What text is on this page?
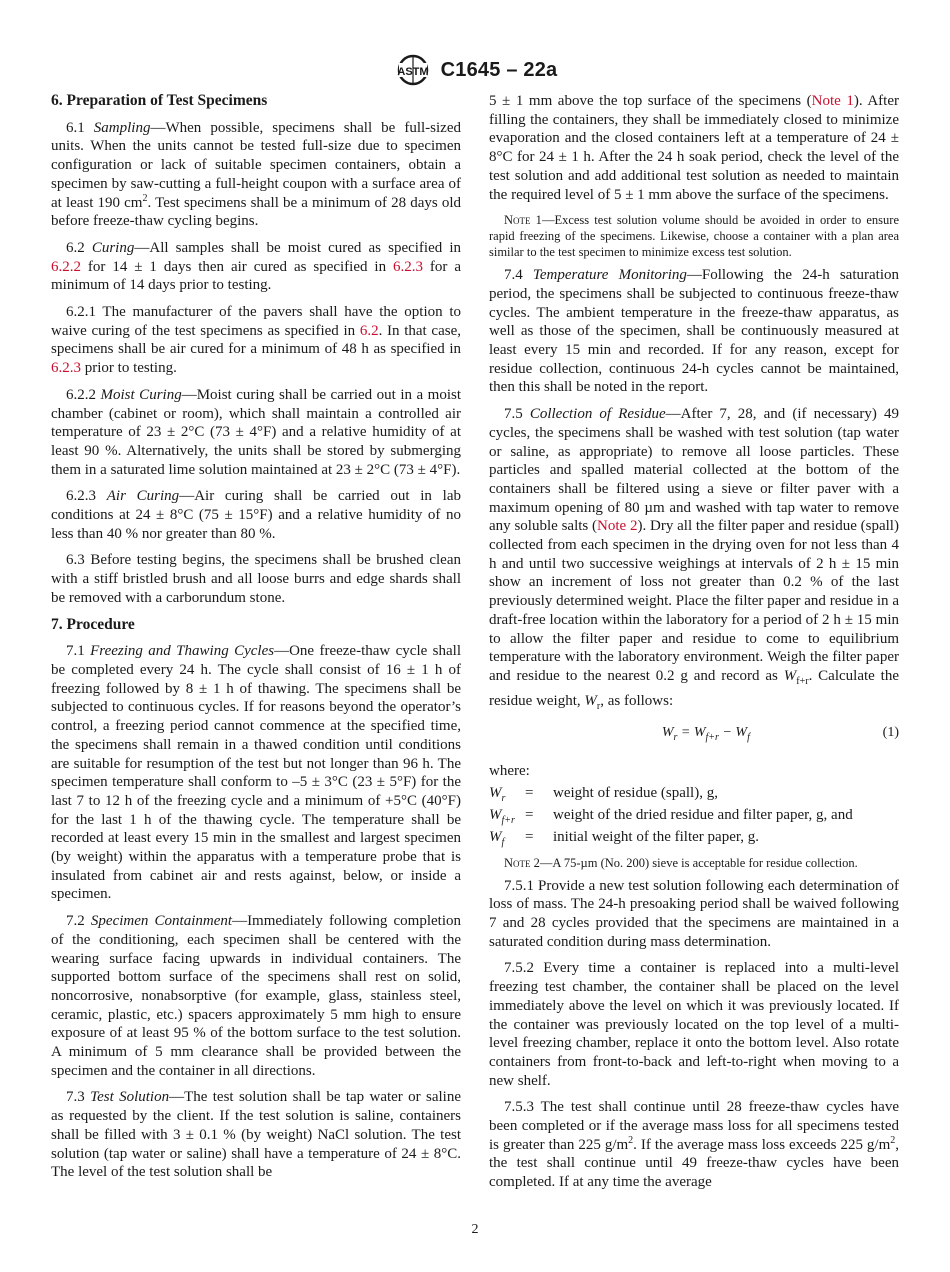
ASTM C1645 – 22a
6. Preparation of Test Specimens

6.1 Sampling—When possible, specimens shall be full-sized units. When the units cannot be tested full-size due to specimen configuration or lack of suitable specimen containers, obtain a specimen by saw-cutting a full-height coupon with a surface area of at least 190 $cm^2$. Test specimens shall be a minimum of 28 days old before freeze-thaw cycling begins.

6.2 Curing—All samples shall be moist cured as specified in 6.2.2 for 14 ± 1 days then air cured as specified in 6.2.3 for a minimum of 14 days prior to testing.

6.2.1 The manufacturer of the pavers shall have the option to waive curing of the test specimens as specified in 6.2. In that case, specimens shall be air cured for a minimum of 48 h as specified in 6.2.3 prior to testing.

6.2.2 Moist Curing—Moist curing shall be carried out in a moist chamber (cabinet or room), which shall maintain a controlled air temperature of 23 ± 2°C (73 ± 4°F) and a relative humidity of at least 90 %. Alternatively, the units shall be stored by submerging them in a saturated lime solution maintained at 23 ± 2°C (73 ± 4°F).

6.2.3 Air Curing—Air curing shall be carried out in lab conditions at 24 ± 8°C (75 ± 15°F) and a relative humidity of no less than 40 % nor greater than 80 %.

6.3 Before testing begins, the specimens shall be brushed clean with a stiff bristled brush and all loose burrs and edge shards shall be removed with a carborundum stone.

7. Procedure

7.1 Freezing and Thawing Cycles—One freeze-thaw cycle shall be completed every 24 h. The cycle shall consist of 16 ± 1 h of freezing followed by 8 ± 1 h of thawing. The specimens shall be subjected to continuous cycles. If for reasons beyond the operator’s control, a freezing period cannot commence at the specified time, the specimens shall remain in a thawed condition until conditions are suitable for resumption of the test but not longer than 96 h. The specimen temperature shall conform to –5 ± 3°C (23 ± 5°F) for the last 7 to 12 h of the freezing cycle and a minimum of +5°C (40°F) for the last 1 h of the thawing cycle. The temperature shall be recorded at least every 15 min in the smallest and largest specimen (by weight) within the apparatus with a temperature probe that is insulated from cabinet air and rests against, below, or inside a specimen.

7.2 Specimen Containment—Immediately following completion of the conditioning, each specimen shall be centered with the wearing surface facing upwards in individual containers. The supported bottom surface of the specimens shall rest on solid, noncorrosive, nonabsorptive (for example, glass, stainless steel, ceramic, plastic, etc.) spacers approximately 5 mm high to ensure exposure of at least 95 % of the bottom surface to the test solution. A minimum of 5 mm clearance shall be provided between the specimen and the container in all directions.

7.3 Test Solution—The test solution shall be tap water or saline as requested by the client. If the test solution is saline, containers shall be filled with 3 ± 0.1 % (by weight) NaCl solution. The test solution (tap water or saline) shall have a temperature of 24 ± 8°C. The level of the test solution shall be

5 ± 1 mm above the top surface of the specimens (Note 1). After filling the containers, they shall be immediately closed to minimize evaporation and the closed containers left at a temperature of 24 ± 8°C for 24 ± 1 h. After the 24 h soak period, check the level of the test solution and add additional test solution as needed to maintain the required level of 5 ± 1 mm above the surface of the specimens.

Note 1—Excess test solution volume should be avoided in order to ensure rapid freezing of the specimens. Likewise, choose a container with a plan area similar to the test specimen to minimize excess test solution.

7.4 Temperature Monitoring—Following the 24-h saturation period, the specimens shall be subjected to continuous freeze-thaw cycles. The ambient temperature in the freeze-thaw apparatus, as well as those of the specimen, shall be continuously measured at least every 15 min and recorded. If for any reason, except for residue collection, continuous 24-h cycles cannot be maintained, then this shall be noted in the report.

7.5 Collection of Residue—After 7, 28, and (if necessary) 49 cycles, the specimens shall be washed with test solution (tap water or saline, as appropriate) to remove all loose particles. These particles and spalled material collected at the bottom of the containers shall be filtered using a sieve or filter paver with a maximum opening of 80 µm and washed with tap water to remove any soluble salts (Note 2). Dry all the filter paper and residue (spall) collected from each specimen in the drying oven for not less than 4 h and until two successive weighings at intervals of 2 h ± 15 min show an increment of loss not greater than 0.2 % of the last previously determined weight. Place the filter paper and residue in a draft-free location within the laboratory for a period of 2 h ± 15 min to allow the filter paper and residue to come to equilibrium temperature with the laboratory environment. Weigh the filter paper and residue to the nearest 0.2 g and record as $W_{f+r}$. Calculate the residue weight, $W_r$, as follows:

$W_r = W_{f+r} - W_f$	(1)
where:
$W_r$	=	weight of residue (spall), g,
$W_{f+r}$	=	weight of the dried residue and filter paper, g, and
$W_f$	=	initial weight of the filter paper, g.
Note 2—A 75-µm (No. 200) sieve is acceptable for residue collection.

7.5.1 Provide a new test solution following each determination of loss of mass. The 24-h presoaking period shall be waived following 7 and 28 cycles provided that the specimens are maintained in a saturated condition during mass determination.

7.5.2 Every time a container is replaced into a multi-level freezing test chamber, the container shall be placed on the level immediately above the level on which it was previously located. If the container was previously located on the top level of a multi-level freezing chamber, replace it onto the bottom level. Also rotate containers from front-to-back and left-to-right when moving to a new shelf.

7.5.3 The test shall continue until 28 freeze-thaw cycles have been completed or if the average mass loss for all specimens tested is greater than 225 $g/m^2$. If the average mass loss exceeds 225 $g/m^2$, the test shall continue until 49 freeze-thaw cycles have been completed. If at any time the average

2
